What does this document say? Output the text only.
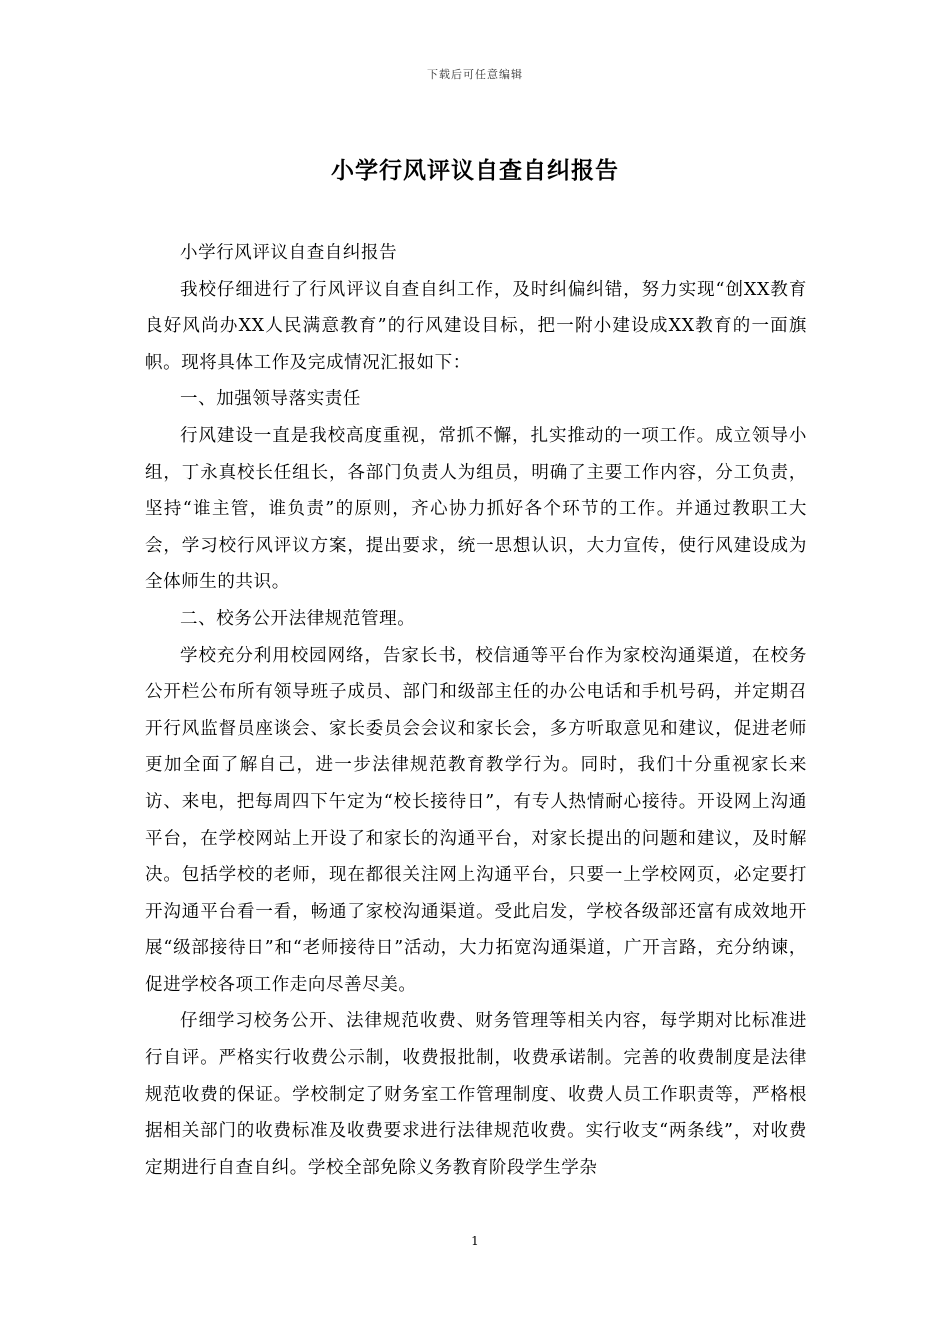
下载后可任意编辑
小学行风评议自查自纠报告

小学行风评议自查自纠报告

我校仔细进行了行风评议自查自纠工作，及时纠偏纠错，努力实现“创XX教育良好风尚办XX人民满意教育”的行风建设目标，把一附小建设成XX教育的一面旗帜。现将具体工作及完成情况汇报如下：

一、加强领导落实责任

行风建设一直是我校高度重视，常抓不懈，扎实推动的一项工作。成立领导小组，丁永真校长任组长，各部门负责人为组员，明确了主要工作内容，分工负责，坚持“谁主管，谁负责”的原则，齐心协力抓好各个环节的工作。并通过教职工大会，学习校行风评议方案，提出要求，统一思想认识，大力宣传，使行风建设成为全体师生的共识。

二、校务公开法律规范管理。

学校充分利用校园网络，告家长书，校信通等平台作为家校沟通渠道，在校务公开栏公布所有领导班子成员、部门和级部主任的办公电话和手机号码，并定期召开行风监督员座谈会、家长委员会会议和家长会，多方听取意见和建议，促进老师更加全面了解自己，进一步法律规范教育教学行为。同时，我们十分重视家长来访、来电，把每周四下午定为“校长接待日”，有专人热情耐心接待。开设网上沟通平台，在学校网站上开设了和家长的沟通平台，对家长提出的问题和建议，及时解决。包括学校的老师，现在都很关注网上沟通平台，只要一上学校网页，必定要打开沟通平台看一看，畅通了家校沟通渠道。受此启发，学校各级部还富有成效地开展“级部接待日”和“老师接待日”活动，大力拓宽沟通渠道，广开言路，充分纳谏，促进学校各项工作走向尽善尽美。

仔细学习校务公开、法律规范收费、财务管理等相关内容，每学期对比标准进行自评。严格实行收费公示制，收费报批制，收费承诺制。完善的收费制度是法律规范收费的保证。学校制定了财务室工作管理制度、收费人员工作职责等，严格根据相关部门的收费标准及收费要求进行法律规范收费。实行收支“两条线”，对收费定期进行自查自纠。学校全部免除义务教育阶段学生学杂

1
